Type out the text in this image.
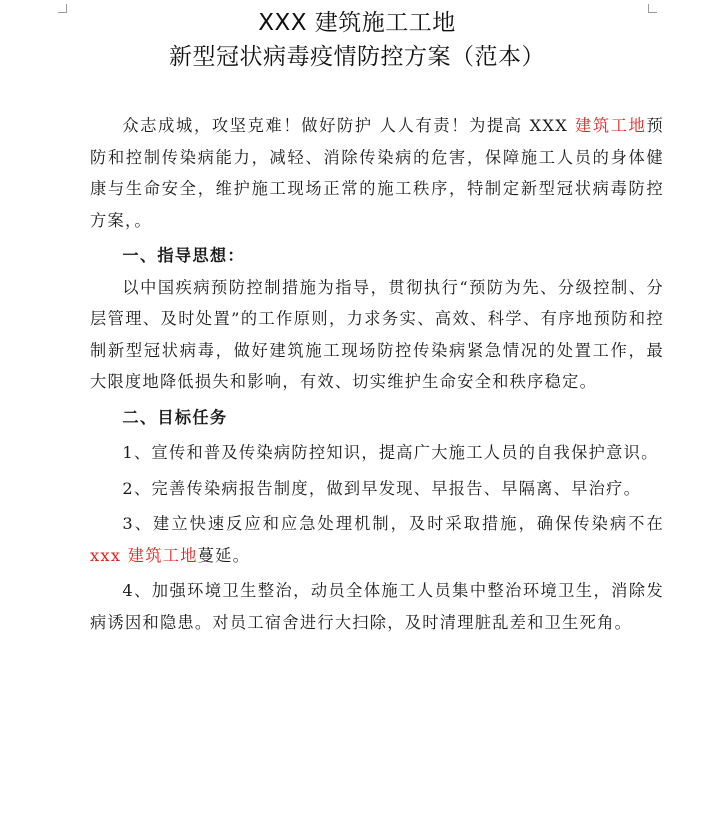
XXX 建筑施工工地
新型冠状病毒疫情防控方案（范本）

众志成城，攻坚克难！做好防护 人人有责！为提高 XXX 建筑工地预防和控制传染病能力，减轻、消除传染病的危害，保障施工人员的身体健康与生命安全，维护施工现场正常的施工秩序，特制定新型冠状病毒防控方案，。

一、指导思想：

以中国疾病预防控制措施为指导，贯彻执行“预防为先、分级控制、分层管理、及时处置”的工作原则，力求务实、高效、科学、有序地预防和控制新型冠状病毒，做好建筑施工现场防控传染病紧急情况的处置工作，最大限度地降低损失和影响，有效、切实维护生命安全和秩序稳定。

二、目标任务

1、宣传和普及传染病防控知识，提高广大施工人员的自我保护意识。

2、完善传染病报告制度，做到早发现、早报告、早隔离、早治疗。

3、建立快速反应和应急处理机制，及时采取措施，确保传染病不在 xxx 建筑工地蔓延。

4、加强环境卫生整治，动员全体施工人员集中整治环境卫生，消除发病诱因和隐患。对员工宿舍进行大扫除，及时清理脏乱差和卫生死角。
